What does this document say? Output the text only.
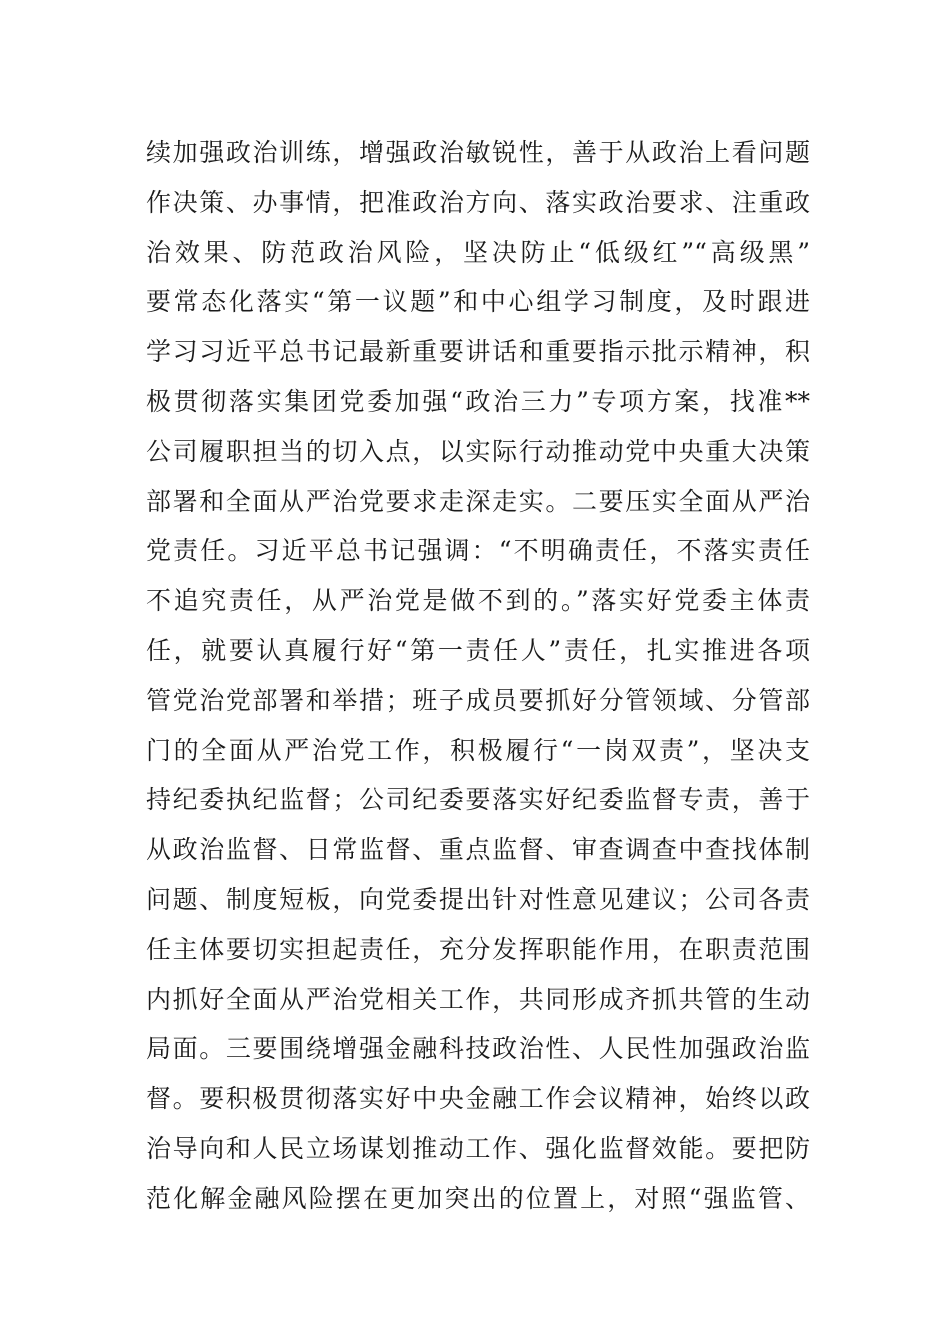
续加强政治训练，增强政治敏锐性，善于从政治上看问题
作决策、办事情，把准政治方向、落实政治要求、注重政
治效果、防范政治风险，坚决防止“低级红”“高级黑”
要常态化落实“第一议题”和中心组学习制度，及时跟进
学习习近平总书记最新重要讲话和重要指示批示精神，积
极贯彻落实集团党委加强“政治三力”专项方案，找准**
公司履职担当的切入点，以实际行动推动党中央重大决策
部署和全面从严治党要求走深走实。二要压实全面从严治
党责任。习近平总书记强调：“不明确责任，不落实责任
不追究责任，从严治党是做不到的。”落实好党委主体责
任，就要认真履行好“第一责任人”责任，扎实推进各项
管党治党部署和举措；班子成员要抓好分管领域、分管部
门的全面从严治党工作，积极履行“一岗双责”，坚决支
持纪委执纪监督；公司纪委要落实好纪委监督专责，善于
从政治监督、日常监督、重点监督、审查调查中查找体制
问题、制度短板，向党委提出针对性意见建议；公司各责
任主体要切实担起责任，充分发挥职能作用，在职责范围
内抓好全面从严治党相关工作，共同形成齐抓共管的生动
局面。三要围绕增强金融科技政治性、人民性加强政治监
督。要积极贯彻落实好中央金融工作会议精神，始终以政
治导向和人民立场谋划推动工作、强化监督效能。要把防
范化解金融风险摆在更加突出的位置上，对照“强监管、
